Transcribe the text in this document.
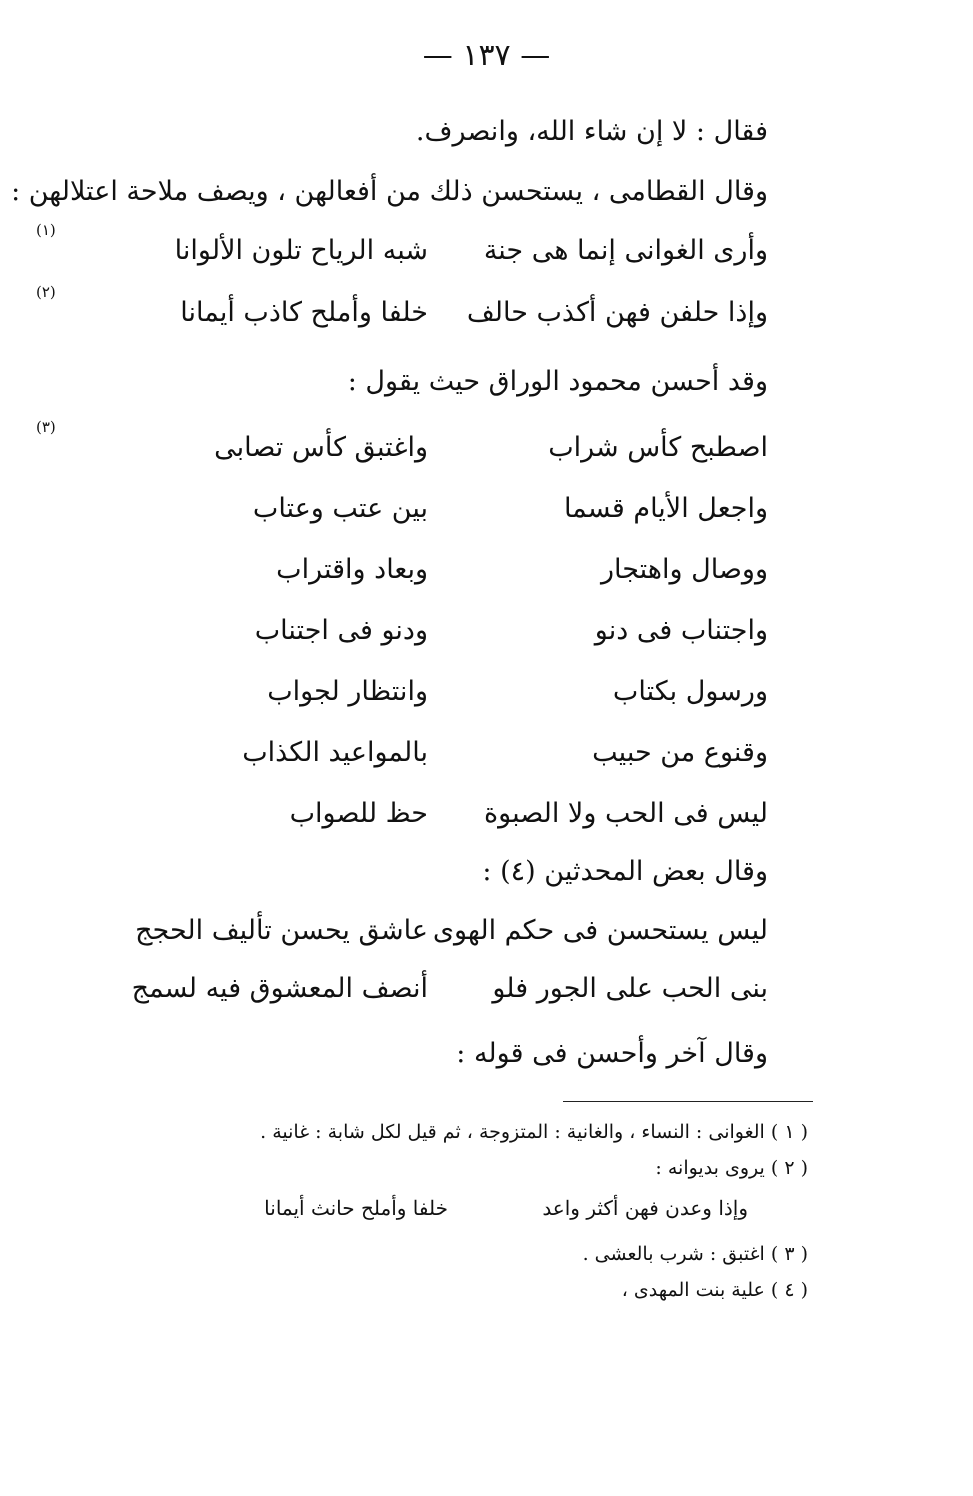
— ١٣٧ —
فقال : لا إن شاء الله، وانصرف.
وقال القطامى ، يستحسن ذلك من أفعالهن ، ويصف ملاحة اعتلالهن :
وأرى الغوانى إنما هى جنة
شبه الرياح تلون الألوانا
(١)
وإذا حلفن فهن أكذب حالف
خلفا وأملح كاذب أيمانا
(٢)
وقد أحسن محمود الوراق حيث يقول :
اصطبح كأس شراب
واغتبق كأس تصابى
(٣)
واجعل الأيام قسما
بين عتب وعتاب
ووصال واهتجار
وبعاد واقتراب
واجتناب فى دنو
ودنو فى اجتناب
ورسول بكتاب
وانتظار لجواب
وقنوع من حبيب
بالمواعيد الكذاب
ليس فى الحب ولا الصبوة
حظ للصواب
وقال بعض المحدثين (٤) :
ليس يستحسن فى حكم الهوى
عاشق يحسن تأليف الحجج
بنى الحب على الجور فلو
أنصف المعشوق فيه لسمج
وقال آخر وأحسن فى قوله :
( ١ ) الغوانى : النساء ، والغانية : المتزوجة ، ثم قيل لكل شابة : غانية .
( ٢ ) يروى بديوانه :
وإذا وعدن فهن أكثر واعد
خلفا وأملح حانث أيمانا
( ٣ ) اغتبق : شرب بالعشى .
( ٤ ) علية بنت المهدى ،
